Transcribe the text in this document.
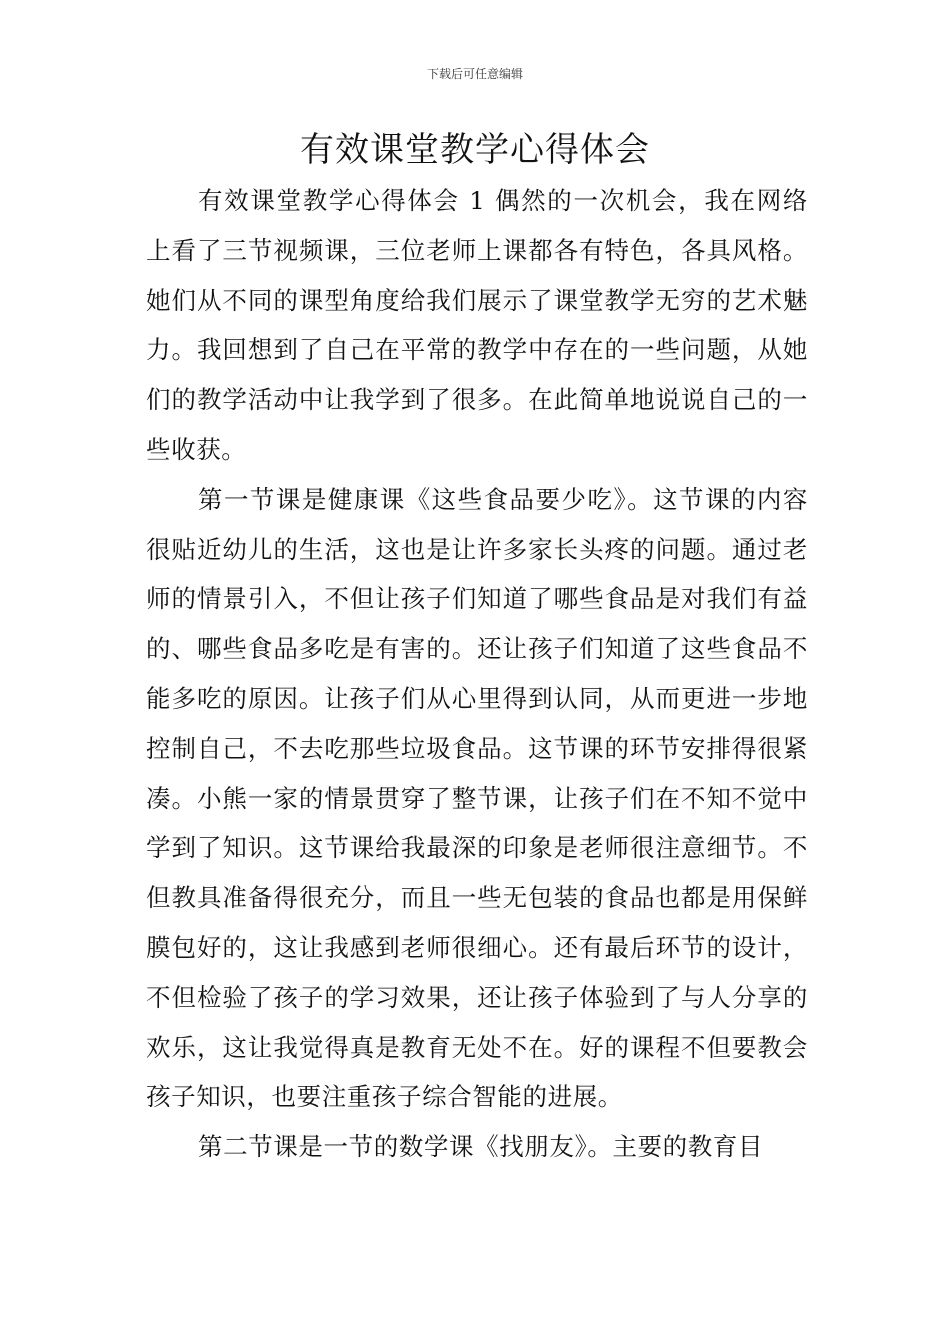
下载后可任意编辑
有效课堂教学心得体会

有效课堂教学心得体会 1 偶然的一次机会，我在网络上看了三节视频课，三位老师上课都各有特色，各具风格。她们从不同的课型角度给我们展示了课堂教学无穷的艺术魅力。我回想到了自己在平常的教学中存在的一些问题，从她们的教学活动中让我学到了很多。在此简单地说说自己的一些收获。

第一节课是健康课《这些食品要少吃》。这节课的内容很贴近幼儿的生活，这也是让许多家长头疼的问题。通过老师的情景引入，不但让孩子们知道了哪些食品是对我们有益的、哪些食品多吃是有害的。还让孩子们知道了这些食品不能多吃的原因。让孩子们从心里得到认同，从而更进一步地控制自己，不去吃那些垃圾食品。这节课的环节安排得很紧凑。小熊一家的情景贯穿了整节课，让孩子们在不知不觉中学到了知识。这节课给我最深的印象是老师很注意细节。不但教具准备得很充分，而且一些无包装的食品也都是用保鲜膜包好的，这让我感到老师很细心。还有最后环节的设计，不但检验了孩子的学习效果，还让孩子体验到了与人分享的欢乐，这让我觉得真是教育无处不在。好的课程不但要教会孩子知识，也要注重孩子综合智能的进展。

第二节课是一节的数学课《找朋友》。主要的教育目
